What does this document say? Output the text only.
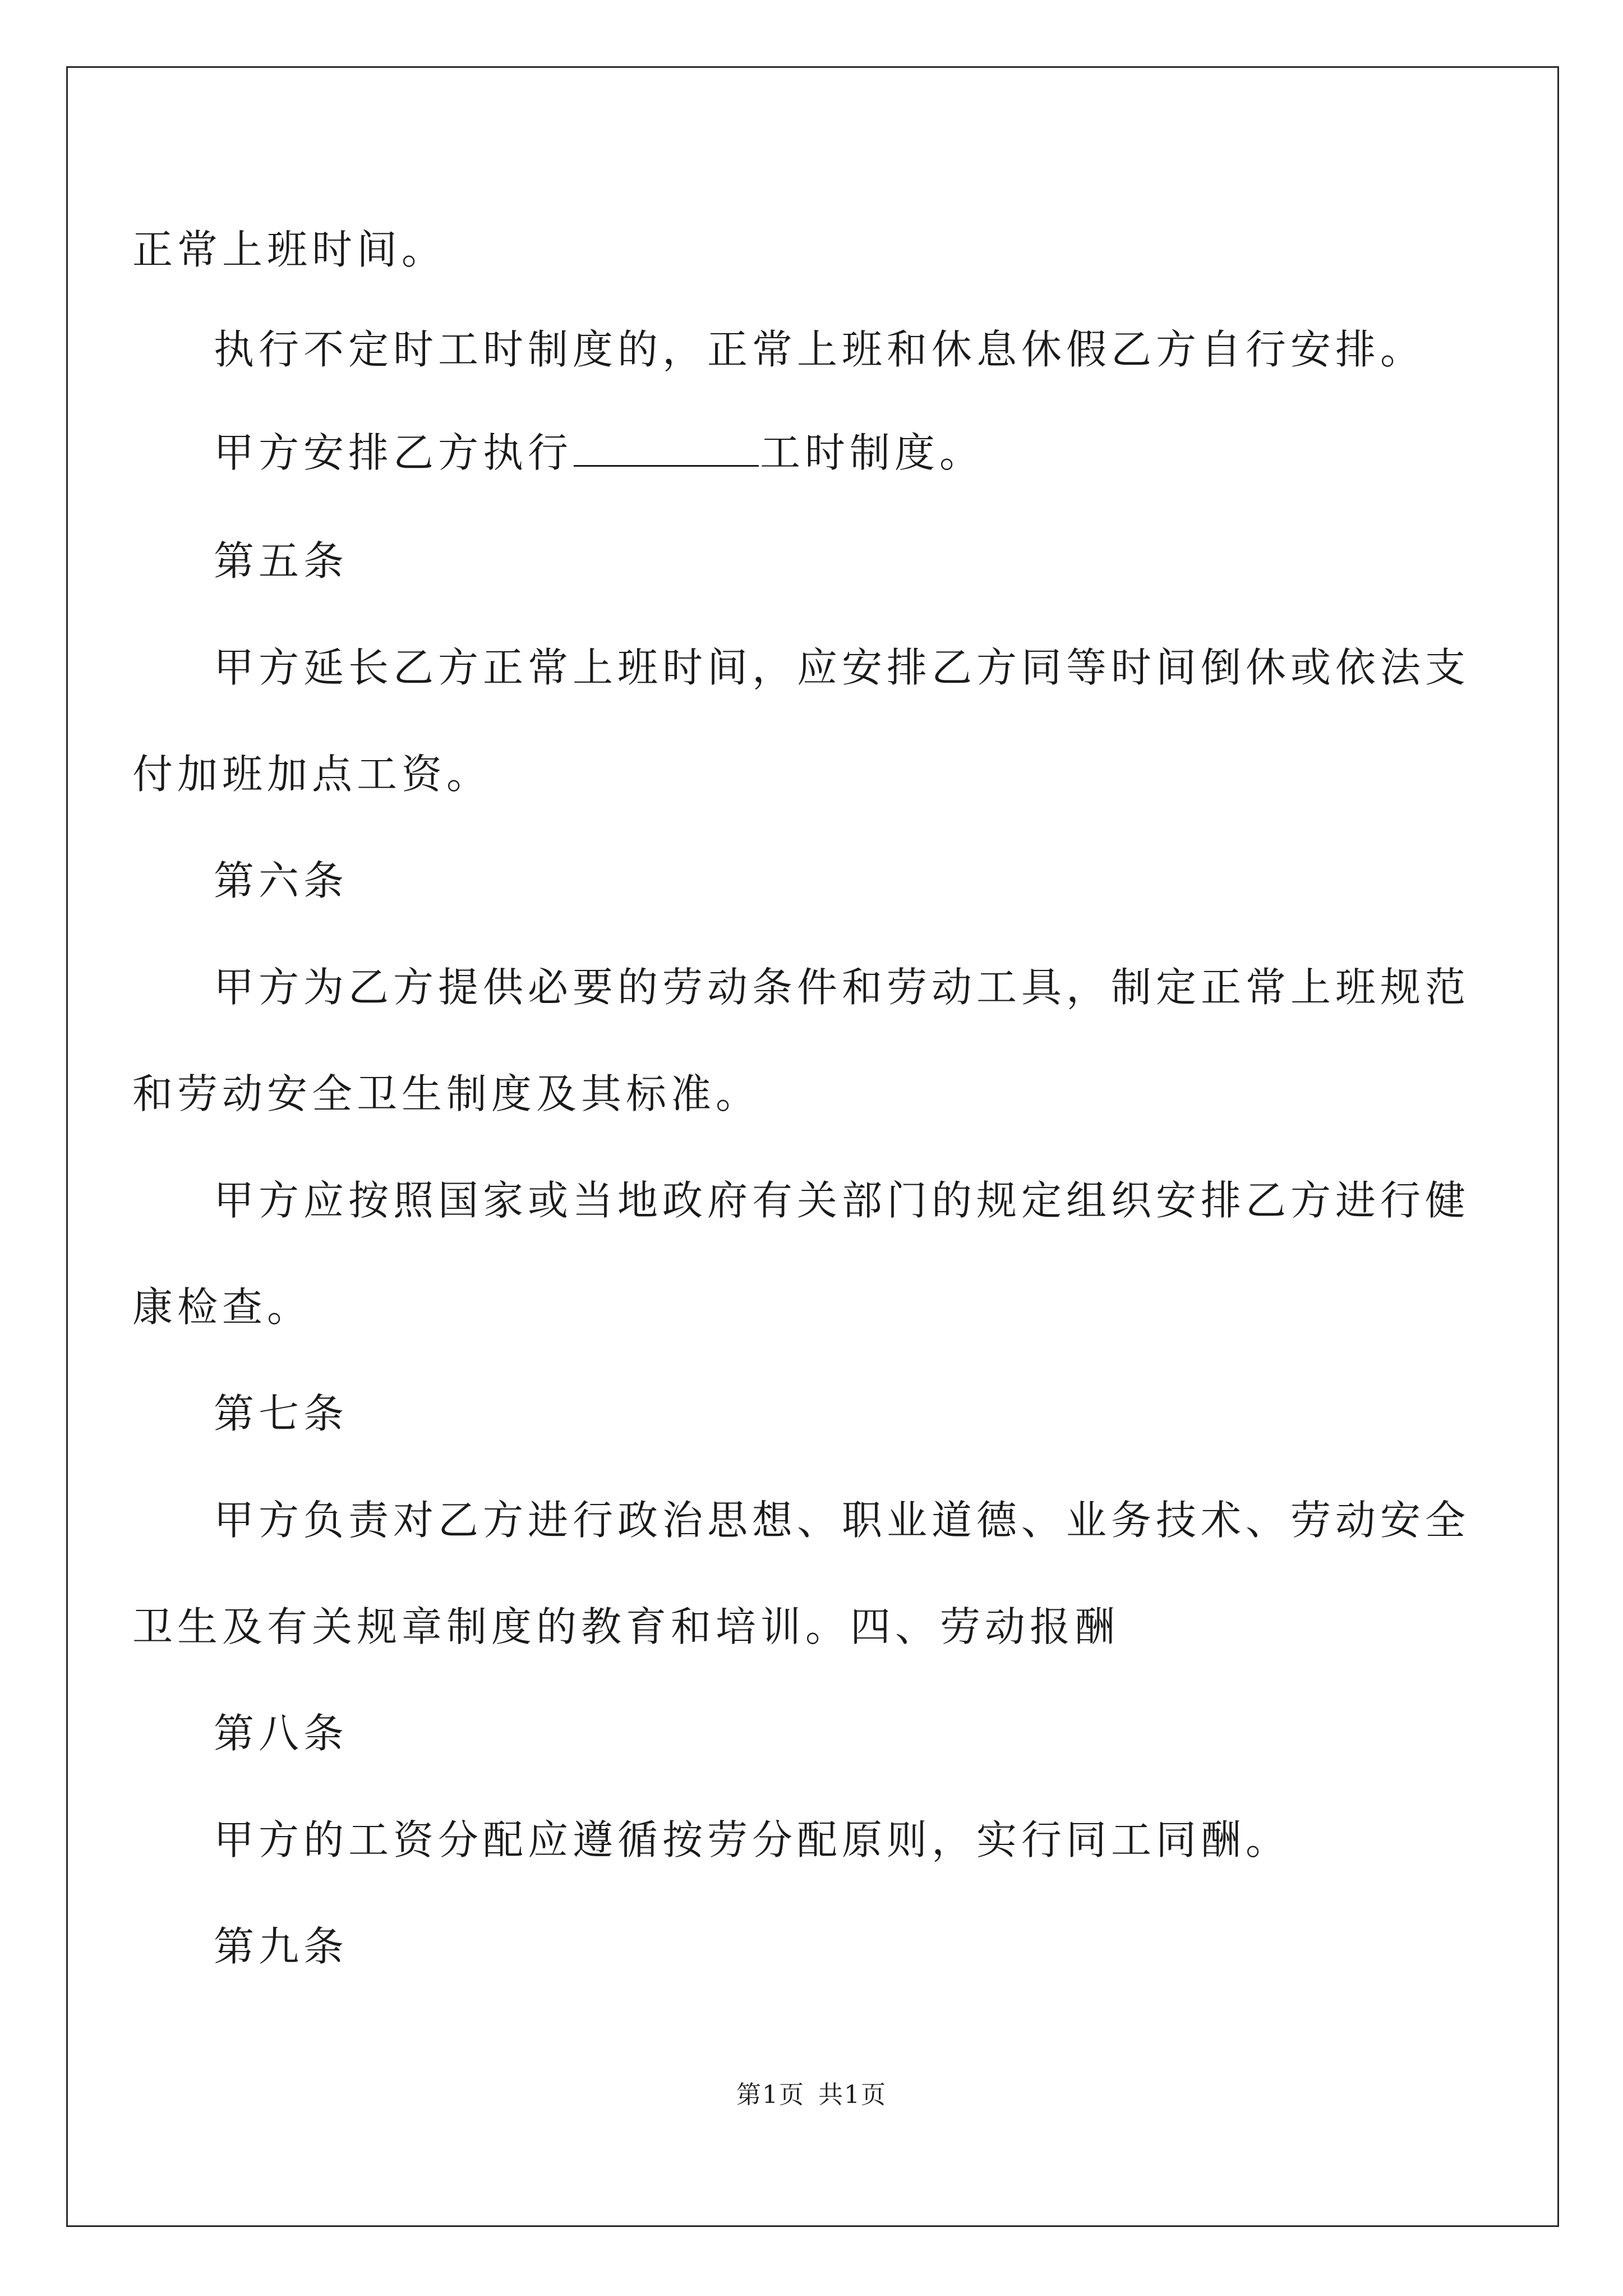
正常上班时间。
执行不定时工时制度的，正常上班和休息休假乙方自行安排。
甲方安排乙方执行	工时制度。
第五条
甲方延长乙方正常上班时间，应安排乙方同等时间倒休或依法支
付加班加点工资。
第六条
甲方为乙方提供必要的劳动条件和劳动工具，制定正常上班规范
和劳动安全卫生制度及其标准。
甲方应按照国家或当地政府有关部门的规定组织安排乙方进行健
康检查。
第七条
甲方负责对乙方进行政治思想、职业道德、业务技术、劳动安全
卫生及有关规章制度的教育和培训。四、劳动报酬
第八条
甲方的工资分配应遵循按劳分配原则，实行同工同酬。
第九条
第1页 共1页
